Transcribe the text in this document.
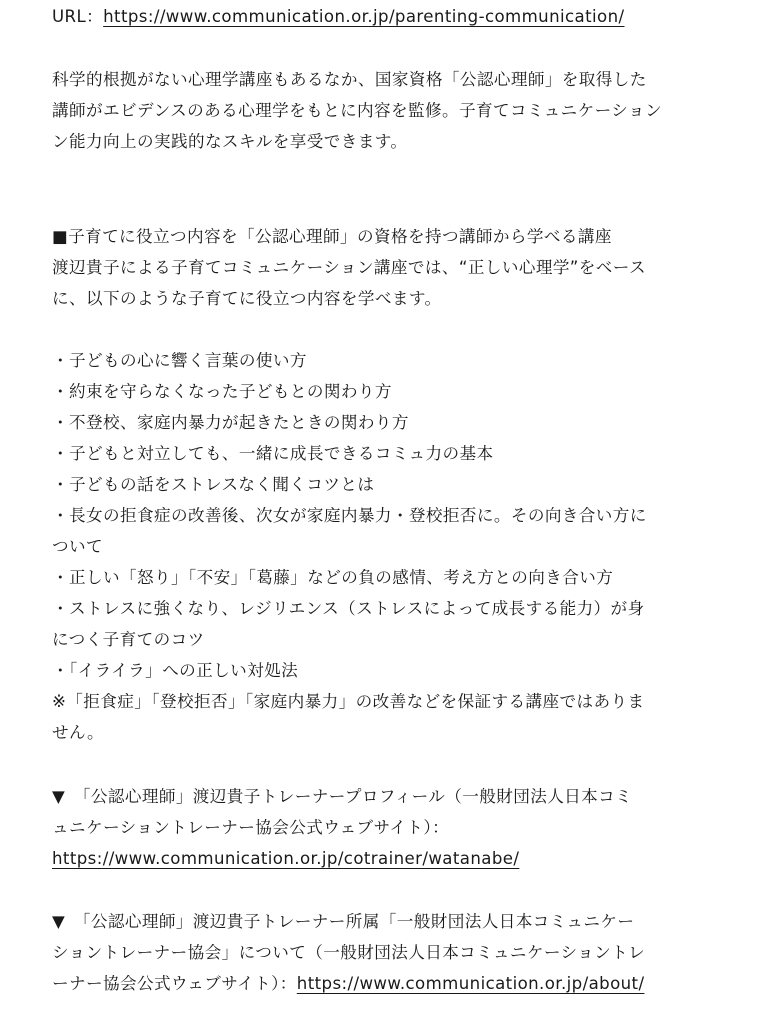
URL：https://www.communication.or.jp/parenting-communication/
科学的根拠がない心理学講座もあるなか、国家資格「公認心理師」を取得した
講師がエビデンスのある心理学をもとに内容を監修。子育てコミュニケーション
ン能力向上の実践的なスキルを享受できます。
■子育てに役立つ内容を「公認心理師」の資格を持つ講師から学べる講座
渡辺貴子による子育てコミュニケーション講座では、“正しい心理学”をベース
に、以下のような子育てに役立つ内容を学べます。
・子どもの心に響く言葉の使い方
・約束を守らなくなった子どもとの関わり方
・不登校、家庭内暴力が起きたときの関わり方
・子どもと対立しても、一緒に成長できるコミュ力の基本
・子どもの話をストレスなく聞くコツとは
・長女の拒食症の改善後、次女が家庭内暴力・登校拒否に。その向き合い方に
ついて
・正しい「怒り」「不安」「葛藤」などの負の感情、考え方との向き合い方
・ストレスに強くなり、レジリエンス（ストレスによって成長する能力）が身
につく子育てのコツ
・「イライラ」への正しい対処法
※「拒食症」「登校拒否」「家庭内暴力」の改善などを保証する講座ではありま
せん。
▼　「公認心理師」渡辺貴子トレーナープロフィール（一般財団法人日本コミ
ュニケーショントレーナー協会公式ウェブサイト）：
https://www.communication.or.jp/cotrainer/watanabe/
▼　「公認心理師」渡辺貴子トレーナー所属「一般財団法人日本コミュニケー
ショントレーナー協会」について（一般財団法人日本コミュニケーショントレ
ーナー協会公式ウェブサイト）：https://www.communication.or.jp/about/
